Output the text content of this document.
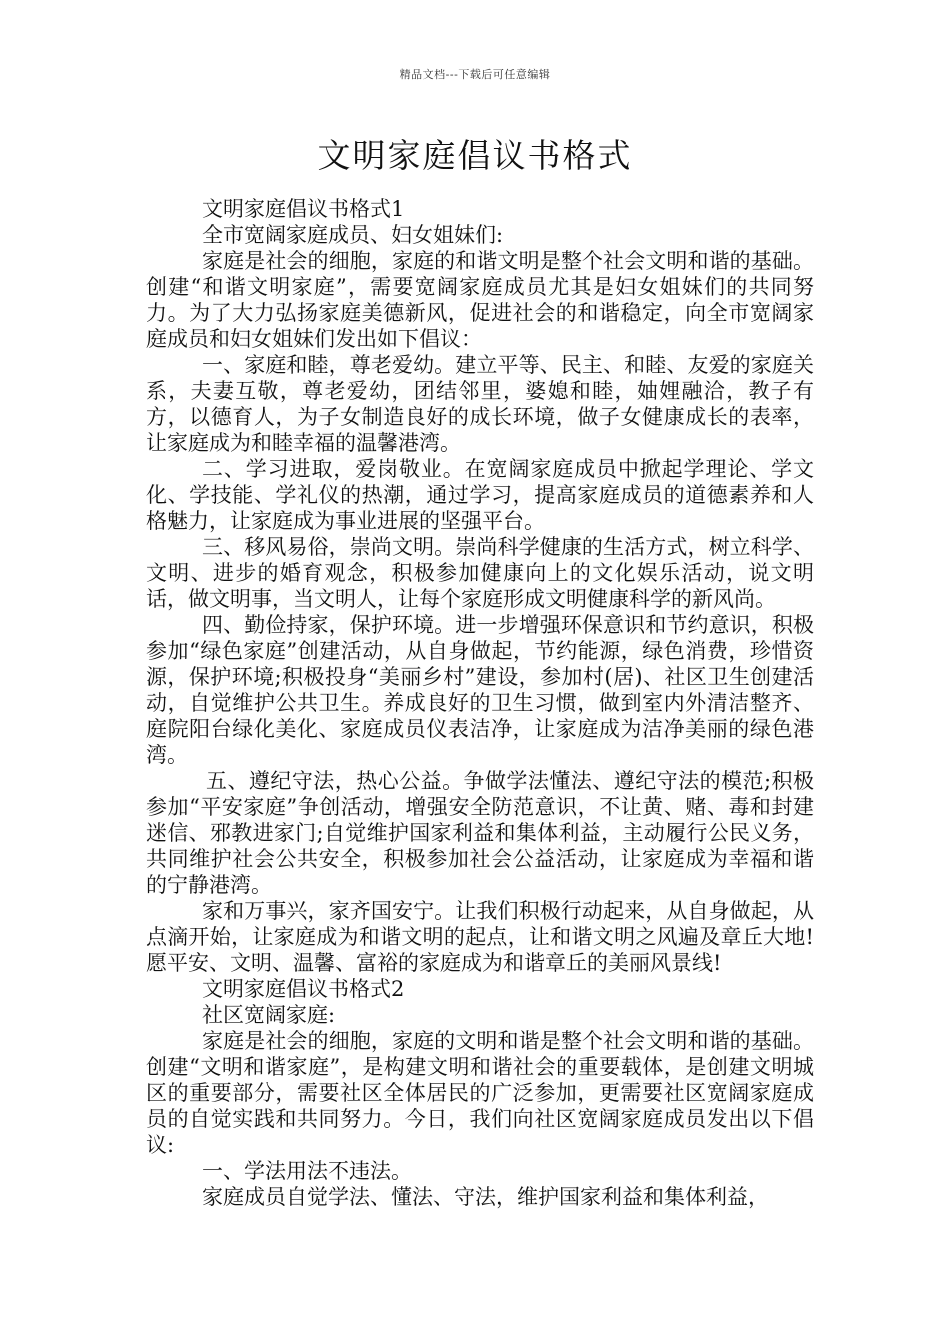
精品文档---下载后可任意编辑
文明家庭倡议书格式

文明家庭倡议书格式1

全市宽阔家庭成员、妇女姐妹们:

家庭是社会的细胞，家庭的和谐文明是整个社会文明和谐的基础。创建“和谐文明家庭”，需要宽阔家庭成员尤其是妇女姐妹们的共同努力。为了大力弘扬家庭美德新风，促进社会的和谐稳定，向全市宽阔家庭成员和妇女姐妹们发出如下倡议：

一、家庭和睦，尊老爱幼。建立平等、民主、和睦、友爱的家庭关系，夫妻互敬，尊老爱幼，团结邻里，婆媳和睦，妯娌融洽，教子有方，以德育人，为子女制造良好的成长环境，做子女健康成长的表率，让家庭成为和睦幸福的温馨港湾。

二、学习进取，爱岗敬业。在宽阔家庭成员中掀起学理论、学文化、学技能、学礼仪的热潮，通过学习，提高家庭成员的道德素养和人格魅力，让家庭成为事业进展的坚强平台。

三、移风易俗，崇尚文明。崇尚科学健康的生活方式，树立科学、文明、进步的婚育观念，积极参加健康向上的文化娱乐活动，说文明话，做文明事，当文明人，让每个家庭形成文明健康科学的新风尚。

四、勤俭持家，保护环境。进一步增强环保意识和节约意识，积极参加“绿色家庭”创建活动，从自身做起，节约能源，绿色消费，珍惜资源，保护环境;积极投身“美丽乡村”建设，参加村(居)、社区卫生创建活动，自觉维护公共卫生。养成良好的卫生习惯，做到室内外清洁整齐、庭院阳台绿化美化、家庭成员仪表洁净，让家庭成为洁净美丽的绿色港湾。

五、遵纪守法，热心公益。争做学法懂法、遵纪守法的模范;积极参加“平安家庭”争创活动，增强安全防范意识，不让黄、赌、毒和封建迷信、邪教进家门;自觉维护国家利益和集体利益，主动履行公民义务，共同维护社会公共安全，积极参加社会公益活动，让家庭成为幸福和谐的宁静港湾。

家和万事兴，家齐国安宁。让我们积极行动起来，从自身做起，从点滴开始，让家庭成为和谐文明的起点，让和谐文明之风遍及章丘大地!愿平安、文明、温馨、富裕的家庭成为和谐章丘的美丽风景线!

文明家庭倡议书格式2

社区宽阔家庭:

家庭是社会的细胞，家庭的文明和谐是整个社会文明和谐的基础。创建“文明和谐家庭”，是构建文明和谐社会的重要载体，是创建文明城区的重要部分，需要社区全体居民的广泛参加，更需要社区宽阔家庭成员的自觉实践和共同努力。今日，我们向社区宽阔家庭成员发出以下倡议:

一、学法用法不违法。

家庭成员自觉学法、懂法、守法，维护国家利益和集体利益，
